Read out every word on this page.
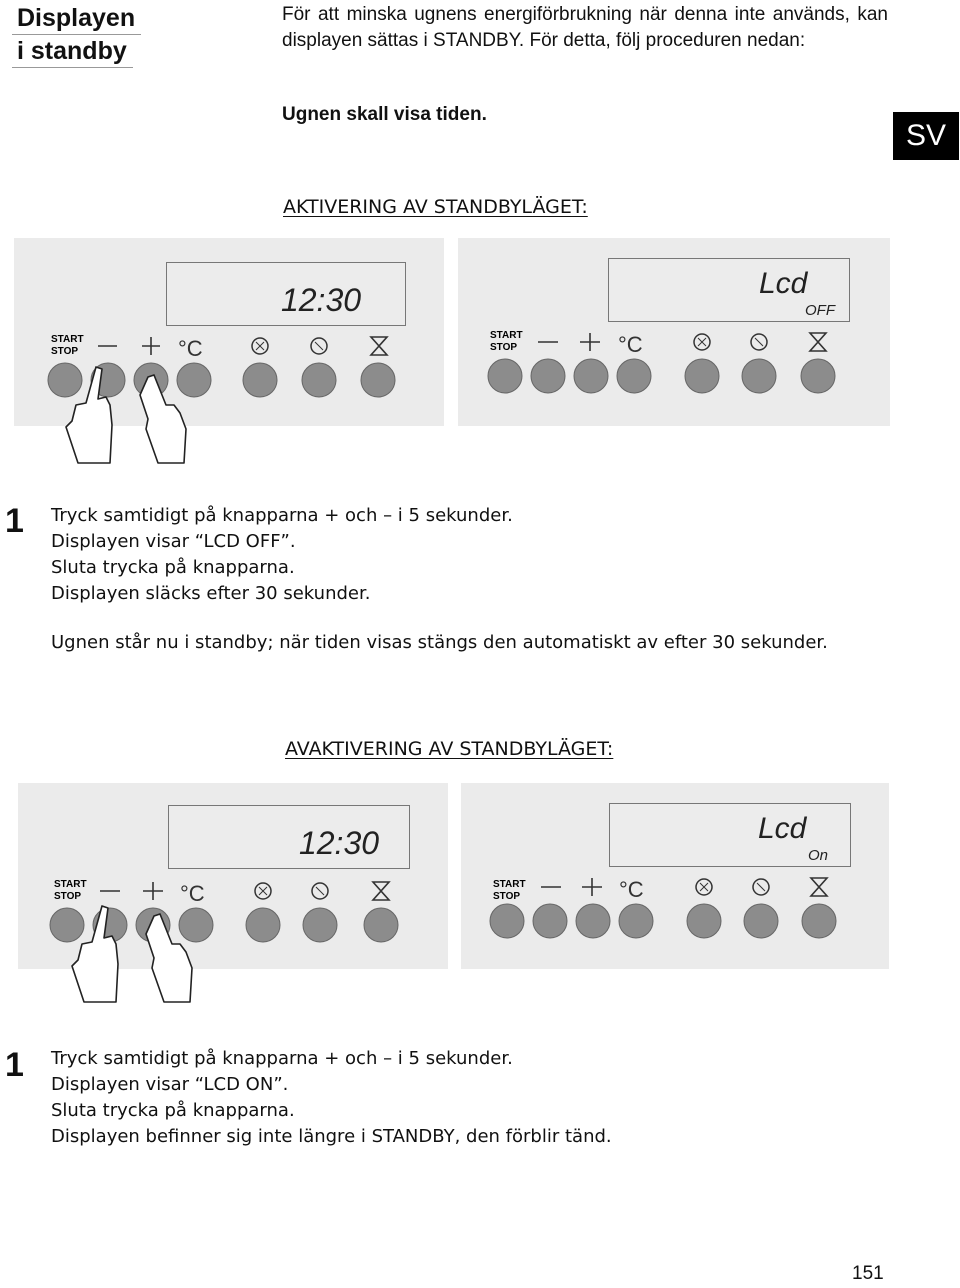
Displayen
i standby
För att minska ugnens energiförbrukning när denna inte används, kan displayen sättas i STANDBY. För detta, följ proceduren nedan:
Ugnen skall visa tiden.
SV
AKTIVERING AV STANDBYLÄGET:
12:30
START
STOP	°C
Lcd
OFF
START
STOP	°C
1 Tryck samtidigt på knapparna + och – i 5 sekunder.
Displayen visar “LCD OFF”.
Sluta trycka på knapparna.
Displayen släcks efter 30 sekunder.
Ugnen står nu i standby; när tiden visas stängs den automatiskt av efter 30 sekunder.
AVAKTIVERING AV STANDBYLÄGET:
12:30
START
STOP	°C
Lcd
On
START
STOP	°C
1 Tryck samtidigt på knapparna + och – i 5 sekunder.
Displayen visar “LCD ON”.
Sluta trycka på knapparna.
Displayen befinner sig inte längre i STANDBY, den förblir tänd.
151
